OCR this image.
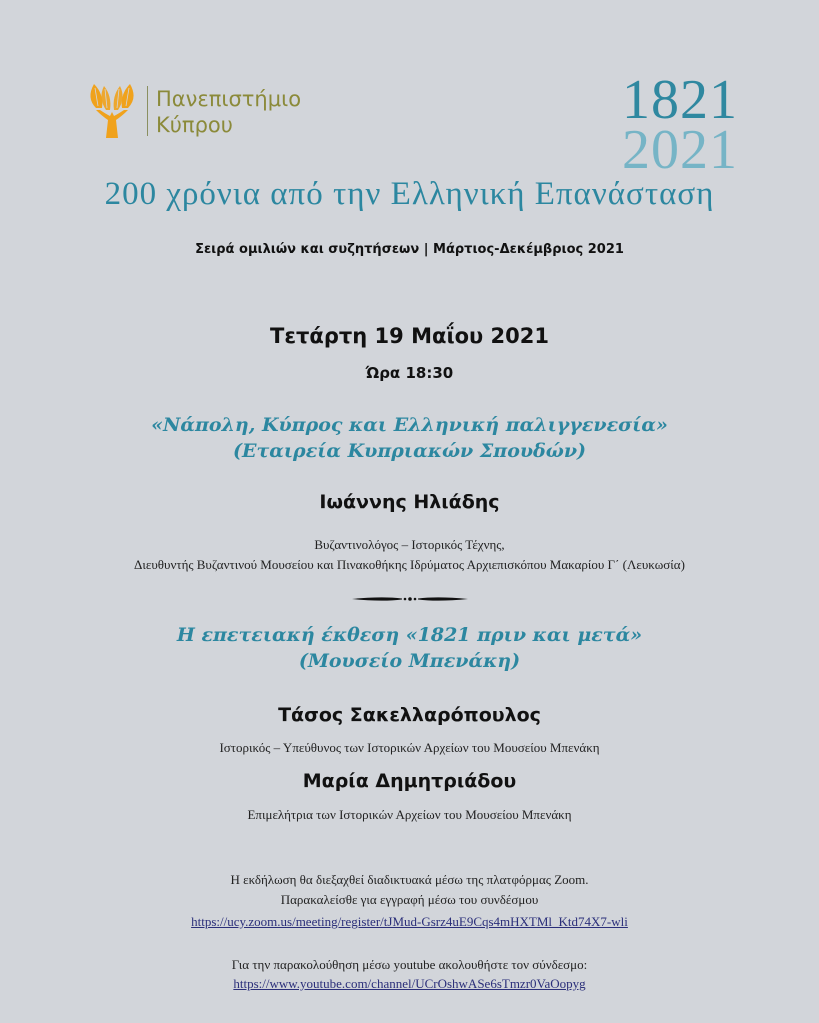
Πανεπιστήμιο
Κύπρου	1821
2021
200 χρόνια από την Ελληνική Επανάσταση
Σειρά ομιλιών και συζητήσεων | Μάρτιος-Δεκέμβριος 2021
Τετάρτη 19 Μαΐου 2021
Ώρα 18:30
«Νάπολη, Κύπρος και Ελληνική παλιγγενεσία»
(Εταιρεία Κυπριακών Σπουδών)
Ιωάννης Ηλιάδης
Βυζαντινολόγος – Ιστορικός Τέχνης,
Διευθυντής Βυζαντινού Μουσείου και Πινακοθήκης Ιδρύματος Αρχιεπισκόπου Μακαρίου Γ΄ (Λευκωσία)
Η επετειακή έκθεση «1821 πριν και μετά»
(Μουσείο Μπενάκη)
Τάσος Σακελλαρόπουλος
Ιστορικός – Υπεύθυνος των Ιστορικών Αρχείων του Μουσείου Μπενάκη
Μαρία Δημητριάδου
Επιμελήτρια των Ιστορικών Αρχείων του Μουσείου Μπενάκη
Η εκδήλωση θα διεξαχθεί διαδικτυακά μέσω της πλατφόρμας Zoom.
Παρακαλείσθε για εγγραφή μέσω του συνδέσμου
https://ucy.zoom.us/meeting/register/tJMud-Gsrz4uE9Cqs4mHXTMl_Ktd74X7-wli
Για την παρακολούθηση μέσω youtube ακολουθήστε τον σύνδεσμο:
https://www.youtube.com/channel/UCrOshwASe6sTmzr0VaOopyg
